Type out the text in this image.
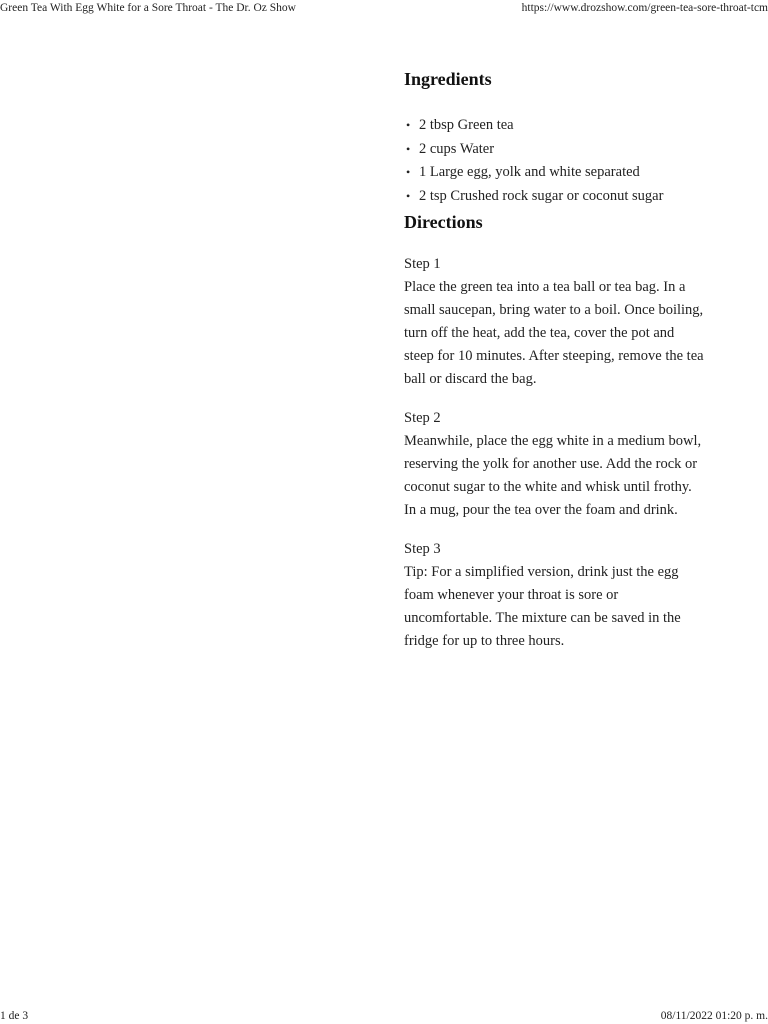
Green Tea With Egg White for a Sore Throat - The Dr. Oz Show	https://www.drozshow.com/green-tea-sore-throat-tcm
Ingredients
• 2 tbsp Green tea
• 2 cups Water
• 1 Large egg, yolk and white separated
• 2 tsp Crushed rock sugar or coconut sugar
Directions
Step 1
Place the green tea into a tea ball or tea bag. In a small saucepan, bring water to a boil. Once boiling, turn off the heat, add the tea, cover the pot and steep for 10 minutes. After steeping, remove the tea ball or discard the bag.
Step 2
Meanwhile, place the egg white in a medium bowl, reserving the yolk for another use. Add the rock or coconut sugar to the white and whisk until frothy. In a mug, pour the tea over the foam and drink.
Step 3
Tip: For a simplified version, drink just the egg foam whenever your throat is sore or uncomfortable. The mixture can be saved in the fridge for up to three hours.
1 de 3	08/11/2022 01:20 p. m.
